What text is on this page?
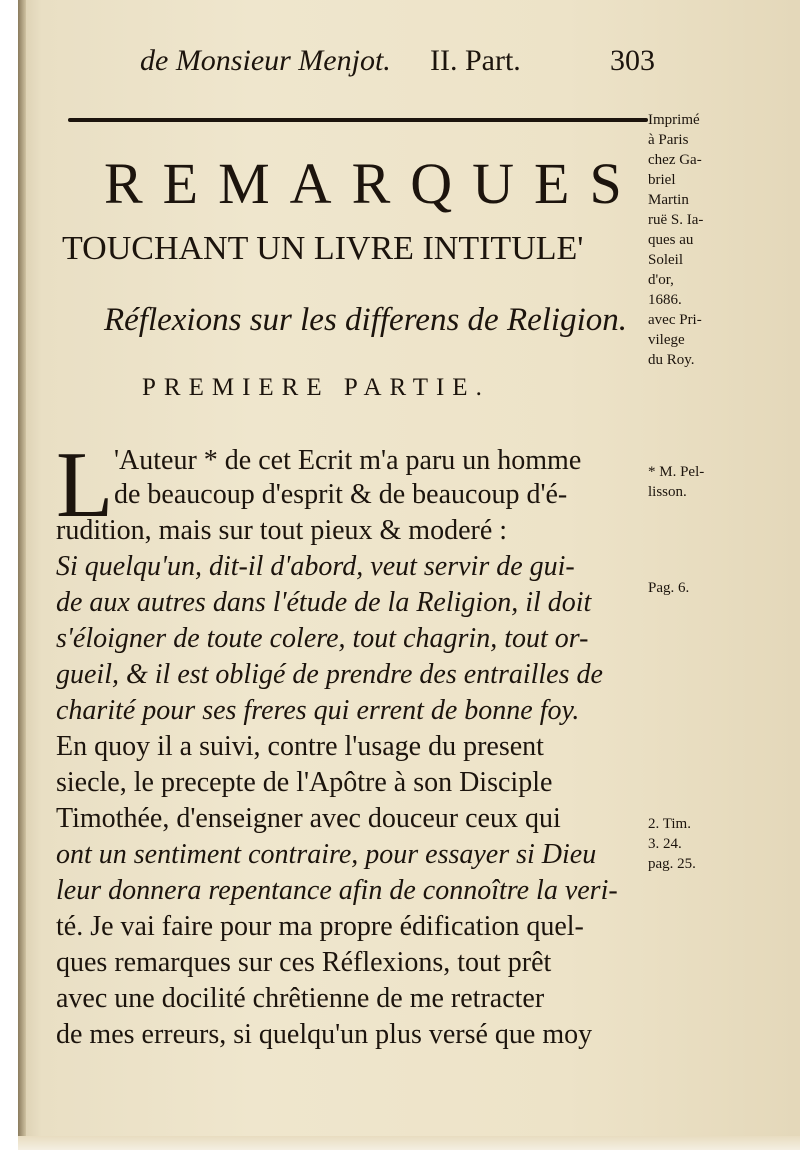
de Monsieur Menjot. II. Part.	303
REMARQUES
TOUCHANT UN LIVRE INTITULE'
Réflexions sur les differens de Religion.
PREMIERE PARTIE.
L 'Auteur * de cet Ecrit m'a paru un homme
de beaucoup d'esprit & de beaucoup d'é-
rudition, mais sur tout pieux & moderé :
Si quelqu'un, dit-il d'abord, veut servir de gui-
de aux autres dans l'étude de la Religion, il doit
s'éloigner de toute colere, tout chagrin, tout or-
gueil, & il est obligé de prendre des entrailles de
charité pour ses freres qui errent de bonne foy.
En quoy il a suivi, contre l'usage du present
siecle, le precepte de l'Apôtre à son Disciple
Timothée, d'enseigner avec douceur ceux qui
ont un sentiment contraire, pour essayer si Dieu
leur donnera repentance afin de connoître la veri-
té. Je vai faire pour ma propre édification quel-
ques remarques sur ces Réflexions, tout prêt
avec une docilité chrêtienne de me retracter
de mes erreurs, si quelqu'un plus versé que moy
Imprimé
à Paris
chez Ga-
briel
Martin
ruë S. Ia-
ques au
Soleil
d'or,
1686.
avec Pri-
vilege
du Roy.
* M. Pel-
lisson.
Pag. 6.
2. Tim.
3. 24.
pag. 25.
